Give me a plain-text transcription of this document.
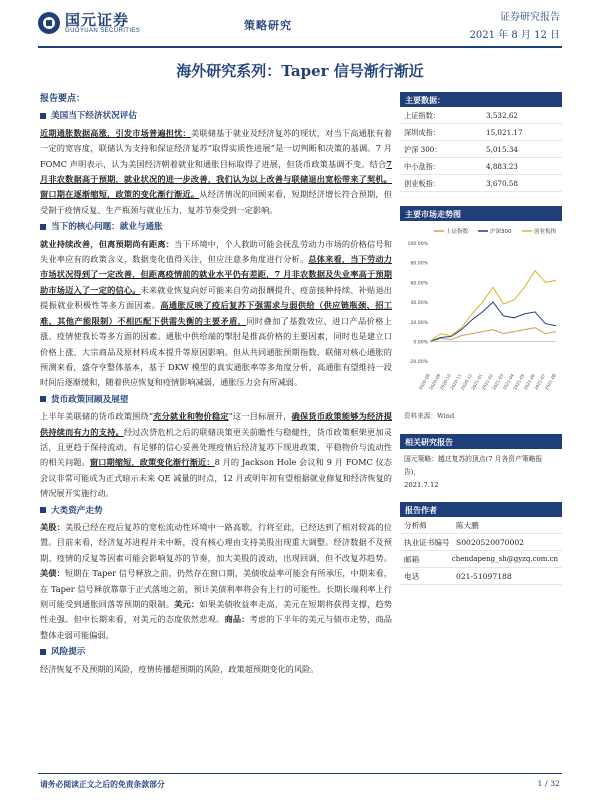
国元证券
GUOYUAN SECURITIES	策略研究
证券研究报告
2021 年 8 月 12 日
海外研究系列：Taper 信号渐行渐近
报告要点：
美国当下经济状况评估

近期通胀数据高涨，引发市场普遍担忧：美联储基于就业及经济复苏的现状，对当下高通胀有着一定的宽容度，联储认为支持和保证经济复苏“取得实质性进展”是一切判断和决策的基调。7 月 FOMC 声明表示，认为美国经济朝着就业和通胀目标取得了进展，但货币政策基调不变。结合7 月非农数据高于预期，就业状况的进一步改善，我们认为以上改善与联储退出宽松带来了契机。窗口期在逐渐缩短，政策的变化渐行渐近。从经济情况的回顾来看，短期经济增长符合预期，但受制于疫情反复、生产瓶颈与就业压力，复苏节奏受到一定影响。

当下的核心问题：就业与通胀

就业持续改善，但离预期尚有距离：当下环境中，个人救助可能会抚乱劳动力市场的价格信号和失业率应有的政策含义，数据变化值得关注，但应注意多角度进行分析。总体来看，当下劳动力市场状况得到了一定改善，但距离疫情前的就业水平仍有差距，7 月非农数据及失业率高于预期助市场迈入了一定的信心。未来就业恢复向好可能来自劳动报酬提升、疫苗接种持续、补贴退出提振就业积极性等多方面因素。高通胀反映了疫后复苏下强需求与弱供给（供应链瓶颈、招工难、其他产能限制）不相匹配下供需失衡的主要矛盾，同时叠加了基数效应、进口产品价格上涨、疫情使我长等多方面的因素。通胀中供给端的掣肘是推高价格的主要因素，同时也是建立口价格上涨、大宗商品及原材料成本提升等原因影响。但从共同通胀预期指数、联储对核心通胀的预测来看，盛夺亨整体基本，基于 DKW 模型的真实通胀率等多角度分析，高通胀有望维持一段时间后逐渐缓和，随着供应恢复和疫情影响减弱，通胀压力会有所减弱。

货币政策回顾及展望

上半年美联储的货币政策围绕“充分就业和物价稳定”这一目标展开，确保货币政策能够为经济提供持续而有力的支持。经过次贷危机之后的联储决策更关前瞻性与稳健性，货币政策框架更加灵活，且更趋于保持流动，有足够的信心妥善处理疫情后经济复苏下现进政策、平稳物价与流动性的相关问题。窗口期缩短，政策变化渐行渐近：8 月的 Jackson Hole 会议和 9 月 FOMC 仪态会议非常可能成为正式暗示未来 QE 减量的时点，12 月或明年初有望根据就业修复和经济恢复的情况展开实施行动。

大类资产走势

美股：美股已经在疫后复苏的宽松流动性环境中一路高歌，行将至此，已经达到了相对较高的位置。目前来看，经济复苏进程并未中断，没有核心理由支持美股出现重大调整。经济数据不及预期、疫情的反复等因素可能会影响复苏的节奏，加大美股的波动，出现回调，但不改复苏趋势。美债：短期在 Taper 信号释放之前，仍然存在窗口期，美债收益率可能会有所承压，中期来看，在 Taper 信号释放靠靠于正式落地之前，预计美债利率将会有上行的可能性。长期长端利率上行则可能受到通胀回落等预期的限制。美元：如果美债收益率走高，美元在短期将获得支撑，趋势性走强。但中长期来看，对美元的态度依然悲观。商品：考虑的下半年的美元与债市走势，商品整体走弱可能偏弱。

风险提示

经济恢复不及预期的风险，疫情传播超预期的风险，政策超预期变化的风险。

主要数据：
上证指数：	3,532.62
深圳成指：	15,021.17
沪深 300：	5,015.34
中小盘指：	4,883.23
创业板指：	3,670.58
主要市场走势图
上证指数	沪深300	创业板指
100.00%
80.00%
60.00%
40.00%
20.00%
0.00%
-20.00%
2020-08
2020-09
2020-10
2020-11
2020-12
2021-01
2021-02
2021-03
2021-04
2021-05
2021-06
2021-07
2021-08
资料来源：Wind
相关研究报告
国元策略：越过复苏的顶点(7 月各资产策略报告)，
2021.7.12
报告作者
分析师	陈大鹏
执业证书编号 S0020520070002
邮箱	chendapeng_sh@gyzq.com.cn
电话	021-51097188
请务必阅读正文之后的免责条款部分	1 / 32
